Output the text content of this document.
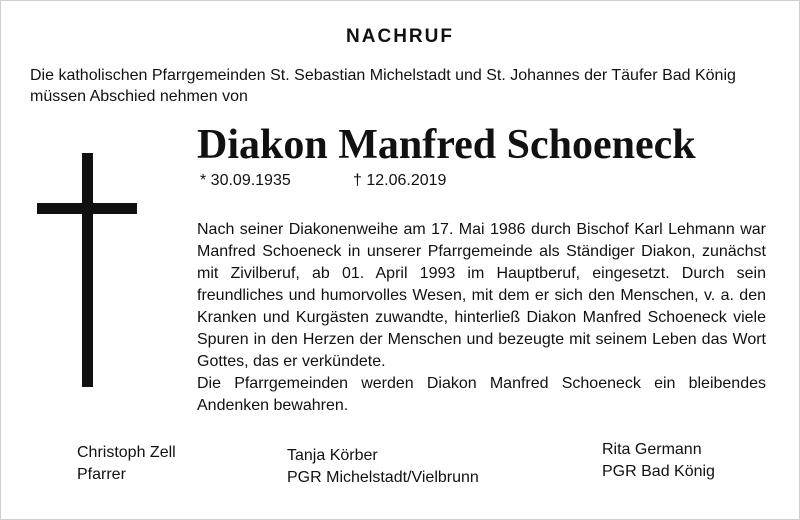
NACHRUF
Die katholischen Pfarrgemeinden St. Sebastian Michelstadt und St. Johannes der Täufer Bad König müssen Abschied nehmen von
Diakon Manfred Schoeneck
* 30.09.1935	† 12.06.2019

Nach seiner Diakonenweihe am 17. Mai 1986 durch Bischof Karl Lehmann war Manfred Schoeneck in unserer Pfarrgemeinde als Ständiger Diakon, zunächst mit Zivilberuf, ab 01. April 1993 im Hauptberuf, eingesetzt. Durch sein freundliches und humorvolles Wesen, mit dem er sich den Menschen, v. a. den Kranken und Kurgästen zuwandte, hinterließ Diakon Manfred Schoeneck viele Spuren in den Herzen der Menschen und bezeugte mit seinem Leben das Wort Gottes, das er verkündete.

Die Pfarrgemeinden werden Diakon Manfred Schoeneck ein bleibendes Andenken bewahren.

Christoph Zell
Pfarrer
Tanja Körber
PGR Michelstadt/Vielbrunn
Rita Germann
PGR Bad König
